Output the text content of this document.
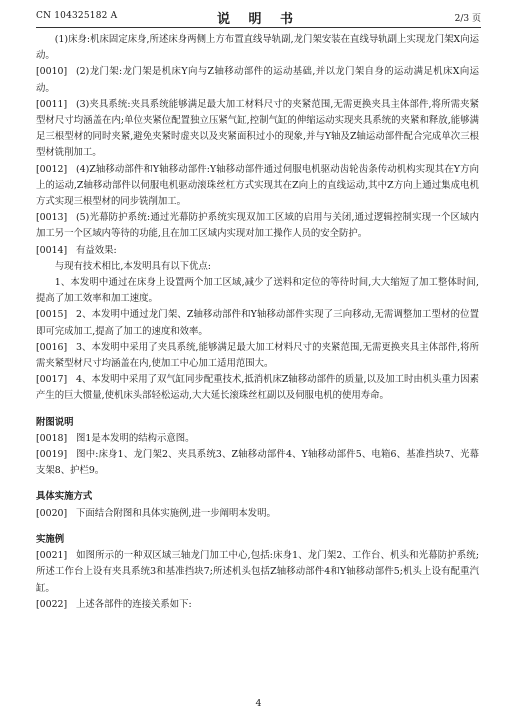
CN 104325182 A	说 明 书	2/3 页

(1)床身:机床固定床身,所述床身两侧上方布置直线导轨副,龙门架安装在直线导轨副上实现龙门架X向运动。

[0010] (2)龙门架:龙门架是机床Y向与Z轴移动部件的运动基础,并以龙门架自身的运动满足机床X向运动。

[0011] (3)夹具系统:夹具系统能够满足最大加工材料尺寸的夹紧范围,无需更换夹具主体部件,将所需夹紧型材尺寸均涵盖在内;单位夹紧位配置独立压紧气缸,控制气缸的伸缩运动实现夹具系统的夹紧和释放,能够满足三根型材的同时夹紧,避免夹紧时虚夹以及夹紧面积过小的现象,并与Y轴及Z轴运动部件配合完成单次三根型材铣削加工。

[0012] (4)Z轴移动部件和Y轴移动部件:Y轴移动部件通过伺服电机驱动齿轮齿条传动机构实现其在Y方向上的运动,Z轴移动部件以伺服电机驱动滚珠丝杠方式实现其在Z向上的直线运动,其中Z方向上通过集成电机方式实现三根型材的同步铣削加工。

[0013] (5)光幕防护系统:通过光幕防护系统实现双加工区域的启用与关闭,通过逻辑控制实现一个区域内加工另一个区域内等待的功能,且在加工区域内实现对加工操作人员的安全防护。

[0014] 有益效果:

与现有技术相比,本发明具有以下优点:

1、本发明中通过在床身上设置两个加工区域,减少了送料和定位的等待时间,大大缩短了加工整体时间,提高了加工效率和加工速度。

[0015] 2、本发明中通过龙门架、Z轴移动部件和Y轴移动部件实现了三向移动,无需调整加工型材的位置即可完成加工,提高了加工的速度和效率。

[0016] 3、本发明中采用了夹具系统,能够满足最大加工材料尺寸的夹紧范围,无需更换夹具主体部件,将所需夹紧型材尺寸均涵盖在内,使加工中心加工适用范围大。

[0017] 4、本发明中采用了双气缸同步配重技术,抵消机床Z轴移动部件的质量,以及加工时由机头重力因素产生的巨大惯量,使机床头部轻松运动,大大延长滚珠丝杠副以及伺服电机的使用寿命。

附图说明

[0018] 图1是本发明的结构示意图。

[0019] 图中:床身1、龙门架2、夹具系统3、Z轴移动部件4、Y轴移动部件5、电箱6、基准挡块7、光幕支架8、护栏9。

具体实施方式

[0020] 下面结合附图和具体实施例,进一步阐明本发明。

实施例

[0021] 如图所示的一种双区域三轴龙门加工中心,包括:床身1、龙门架2、工作台、机头和光幕防护系统;所述工作台上设有夹具系统3和基准挡块7;所述机头包括Z轴移动部件4和Y轴移动部件5;机头上设有配重汽缸。

[0022] 上述各部件的连接关系如下:

4
